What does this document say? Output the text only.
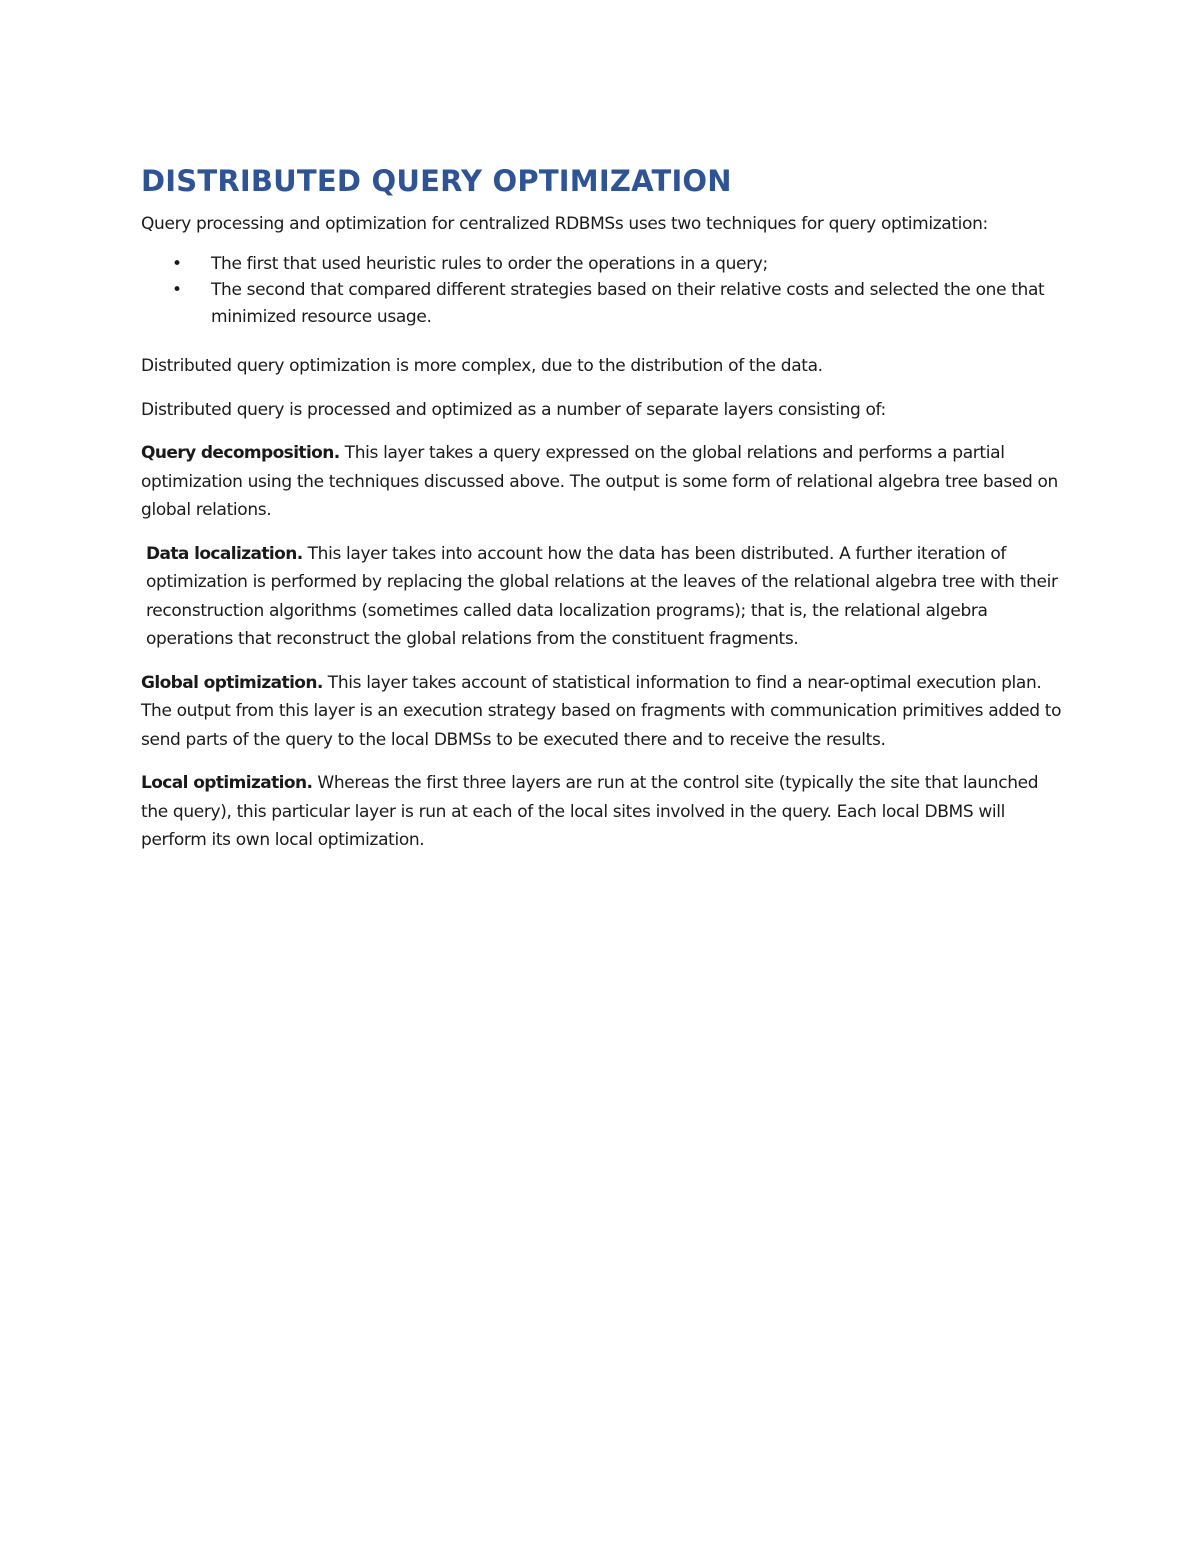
DISTRIBUTED QUERY OPTIMIZATION

Query processing and optimization for centralized RDBMSs uses two techniques for query optimization:

• The first that used heuristic rules to order the operations in a query;
• The second that compared different strategies based on their relative costs and selected the one that minimized resource usage.

Distributed query optimization is more complex, due to the distribution of the data.

Distributed query is processed and optimized as a number of separate layers consisting of:

Query decomposition. This layer takes a query expressed on the global relations and performs a partial optimization using the techniques discussed above. The output is some form of relational algebra tree based on global relations.

Data localization. This layer takes into account how the data has been distributed. A further iteration of optimization is performed by replacing the global relations at the leaves of the relational algebra tree with their reconstruction algorithms (sometimes called data localization programs); that is, the relational algebra operations that reconstruct the global relations from the constituent fragments.

Global optimization. This layer takes account of statistical information to find a near-optimal execution plan. The output from this layer is an execution strategy based on fragments with communication primitives added to send parts of the query to the local DBMSs to be executed there and to receive the results.

Local optimization. Whereas the first three layers are run at the control site (typically the site that launched the query), this particular layer is run at each of the local sites involved in the query. Each local DBMS will perform its own local optimization.
